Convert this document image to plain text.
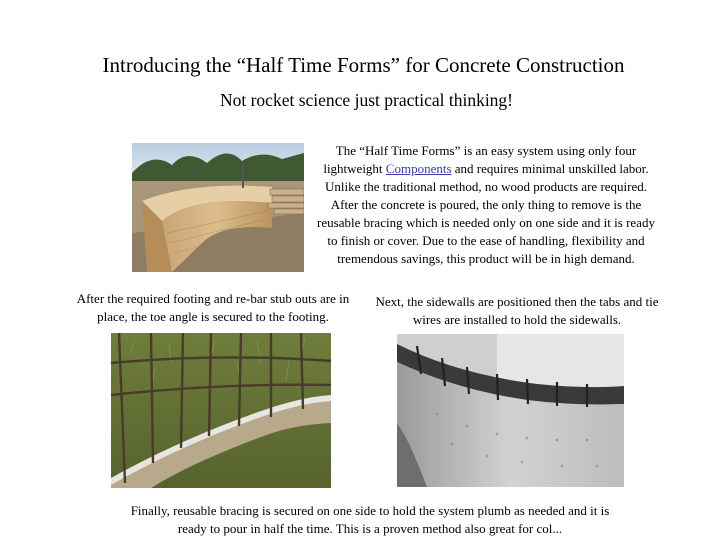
Introducing the “Half Time Forms” for Concrete Construction
Not rocket science just practical thinking!

The “Half Time Forms” is an easy system using only four lightweight Components and requires minimal unskilled labor.

Unlike the traditional method, no wood products are required.

After the concrete is poured, the only thing to remove is the reusable bracing which is needed only on one side and it is ready to finish or cover. Due to the ease of handling, flexibility and tremendous savings, this product will be in high demand.

After the required footing and re-bar stub outs are in place, the toe angle is secured to the footing.
Next, the sidewalls are positioned then the tabs and tie wires are installed to hold the sidewalls.
Finally, reusable bracing is secured on one side to hold the system plumb as needed and it is ready to pour in half the time. This is a proven method also great for col...
